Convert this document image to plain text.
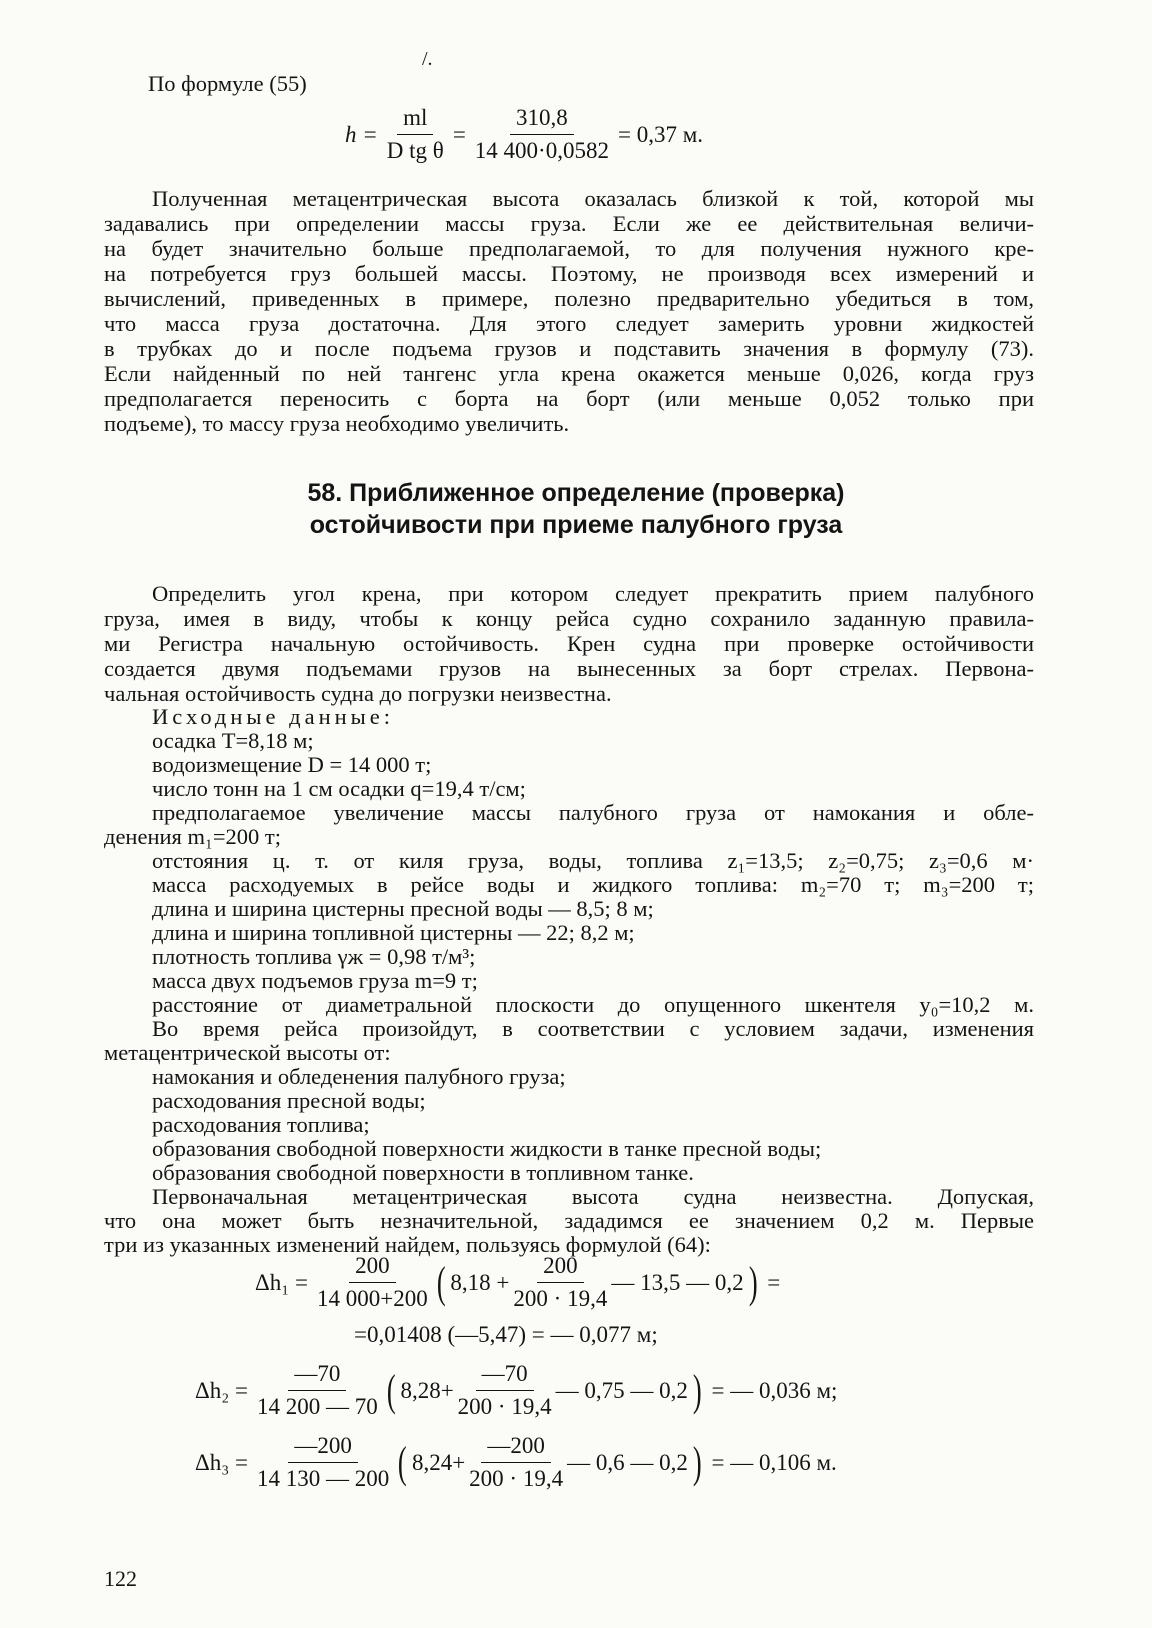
/.
По формуле (55)
$h = \frac{ml}{\text{D tg θ}} = \frac{310,8}{14 400\cdot 0,0582} = 0,37$ м.
Полученная метацентрическая высота оказалась близкой к той, которой мы
задавались при определении массы груза. Если же ее действительная величи-
на будет значительно больше предполагаемой, то для получения нужного кре-
на потребуется груз большей массы. Поэтому, не производя всех измерений и
вычислений, приведенных в примере, полезно предварительно убедиться в том,
что масса груза достаточна. Для этого следует замерить уровни жидкостей
в трубках до и после подъема грузов и подставить значения в формулу (73).
Если найденный по ней тангенс угла крена окажется меньше 0,026, когда груз
предполагается переносить с борта на борт (или меньше 0,052 только при
подъеме), то массу груза необходимо увеличить.
58. Приближенное определение (проверка)
остойчивости при приеме палубного груза
Определить угол крена, при котором следует прекратить прием палубного
груза, имея в виду, чтобы к концу рейса судно сохранило заданную правила-
ми Регистра начальную остойчивость. Крен судна при проверке остойчивости
создается двумя подъемами грузов на вынесенных за борт стрелах. Первона-
чальная остойчивость судна до погрузки неизвестна.
Исходные данные:
осадка T=8,18 м;
водоизмещение D = 14 000 т;
число тонн на 1 см осадки q=19,4 т/см;
предполагаемое увеличение массы палубного груза от намокания и обле-
денения m₁=200 т;
отстояния ц. т. от киля груза, воды, топлива z₁=13,5; z₂=0,75; z₃=0,6 м·
масса расходуемых в рейсе воды и жидкого топлива: m₂=70 т; m₃=200 т;
длина и ширина цистерны пресной воды — 8,5; 8 м;
длина и ширина топливной цистерны — 22; 8,2 м;
плотность топлива γж = 0,98 т/м³;
масса двух подъемов груза m=9 т;
расстояние от диаметральной плоскости до опущенного шкентеля y₀=10,2 м.
Во время рейса произойдут, в соответствии с условием задачи, изменения
метацентрической высоты от:
намокания и обледенения палубного груза;
расходования пресной воды;
расходования топлива;
образования свободной поверхности жидкости в танке пресной воды;
образования свободной поверхности в топливном танке.
Первоначальная метацентрическая высота судна неизвестна. Допуская,
что она может быть незначительной, зададимся ее значением 0,2 м. Первые
три из указанных изменений найдем, пользуясь формулой (64):
$\Delta h_1 = \frac{200}{14 000+200}$ ( $8,18 + \frac{200}{200 \cdot 19,4}$ — 13,5 — 0,2 ) =
=0,01408 (—5,47) = — 0,077 м;
$\Delta h_2 = \frac{—70}{14 200 — 70}$ ( $8,28+ \frac{—70}{200 \cdot 19,4}$ — 0,75 — 0,2 ) = — 0,036 м;
$\Delta h_3 = \frac{—200}{14 130 — 200}$ ( $8,24+ \frac{—200}{200 \cdot 19,4}$ — 0,6 — 0,2 ) = — 0,106 м.
122
